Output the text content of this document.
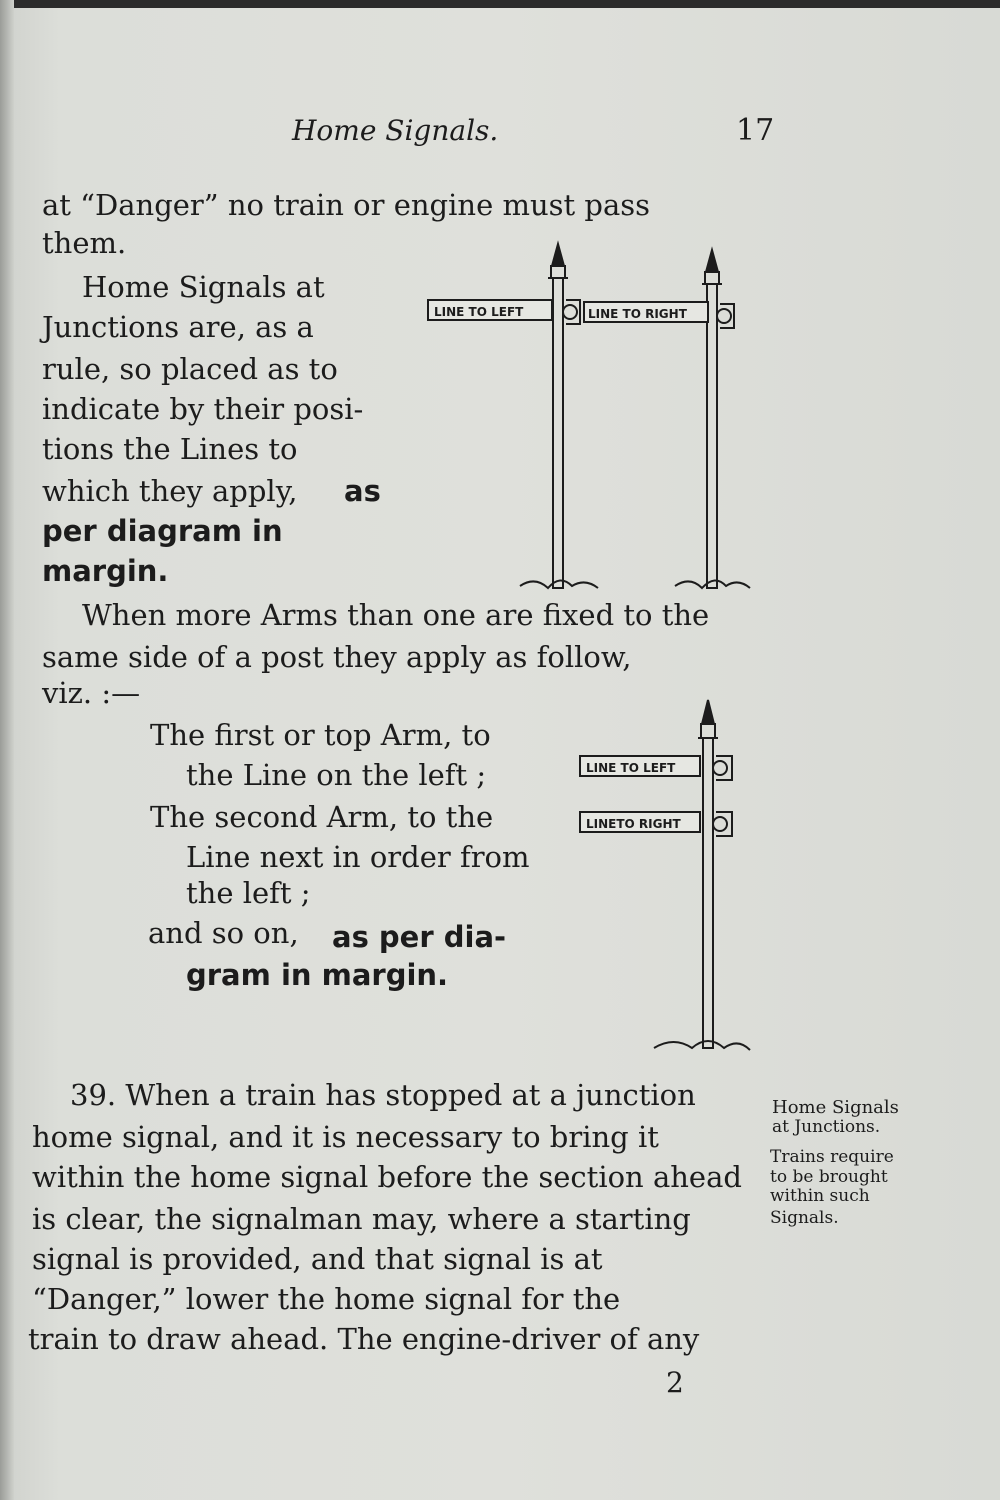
Home Signals.	17
at “Danger” no train or engine must pass
them.
Home Signals at
Junctions are, as a
rule, so placed as to
indicate by their posi-
tions the Lines to
which they apply, as
per diagram in
margin.
When more Arms than one are fixed to the
same side of a post they apply as follow,
viz. :—
The first or top Arm, to
the Line on the left ;
The second Arm, to the
Line next in order from
the left ;
and so on, as per dia-
gram in margin.
39. When a train has stopped at a junction
home signal, and it is necessary to bring it
within the home signal before the section ahead
is clear, the signalman may, where a starting
signal is provided, and that signal is at
“Danger,” lower the home signal for the
train to draw ahead. The engine-driver of any
Home Signals
at Junctions.
Trains require
to be brought
within such
Signals.
2
LINE TO LEFT	LINE TO RIGHT
LINE TO LEFT
LINETO RIGHT
